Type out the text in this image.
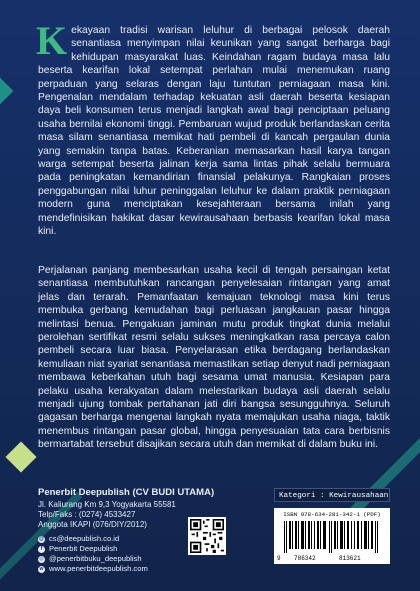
Kekayaan tradisi warisan leluhur di berbagai pelosok daerah senantiasa menyimpan nilai keunikan yang sangat berharga bagi kehidupan masyarakat luas. Keindahan ragam budaya masa lalu beserta kearifan lokal setempat perlahan mulai menemukan ruang perpaduan yang selaras dengan laju tuntutan perniagaan masa kini. Pengenalan mendalam terhadap kekuatan asli daerah beserta kesiapan daya beli konsumen terus menjadi langkah awal bagi penciptaan peluang usaha bernilai ekonomi tinggi. Pembaruan wujud produk berlandaskan cerita masa silam senantiasa memikat hati pembeli di kancah pergaulan dunia yang semakin tanpa batas. Keberanian memasarkan hasil karya tangan warga setempat beserta jalinan kerja sama lintas pihak selalu bermuara pada peningkatan kemandirian finansial pelakunya. Rangkaian proses penggabungan nilai luhur peninggalan leluhur ke dalam praktik perniagaan modern guna menciptakan kesejahteraan bersama inilah yang mendefinisikan hakikat dasar kewirausahaan berbasis kearifan lokal masa kini.
Perjalanan panjang membesarkan usaha kecil di tengah persaingan ketat senantiasa membutuhkan rancangan penyelesaian rintangan yang amat jelas dan terarah. Pemanfaatan kemajuan teknologi masa kini terus membuka gerbang kemudahan bagi perluasan jangkauan pasar hingga melintasi benua. Pengakuan jaminan mutu produk tingkat dunia melalui perolehan sertifikat resmi selalu sukses meningkatkan rasa percaya calon pembeli secara luar biasa. Penyelarasan etika berdagang berlandaskan kemuliaan niat syariat senantiasa memastikan setiap denyut nadi perniagaan membawa keberkahan utuh bagi sesama umat manusia. Kesiapan para pelaku usaha kerakyatan dalam melestarikan budaya asli daerah selalu menjadi ujung tombak pertahanan jati diri bangsa sesungguhnya. Seluruh gagasan berharga mengenai langkah nyata memajukan usaha niaga, taktik menembus rintangan pasar global, hingga penyesuaian tata cara berbisnis bermartabat tersebut disajikan secara utuh dan memikat di dalam buku ini.
Penerbit Deepublish (CV BUDI UTAMA)
Jl. Kaliurang Km 9,3 Yogyakarta 55581
Telp/Faks : (0274) 4533427
Anggota IKAPI (076/DIY/2012)
@ cs@deepublish.co.id
f Penerbit Deepublish
◎ @penerbitbuku_deepublish
w www.penerbitdeepublish.com
Kategori : Kewirausahaan
ISBN 978-634-281-342-1 (PDF)
9 786342	813621
